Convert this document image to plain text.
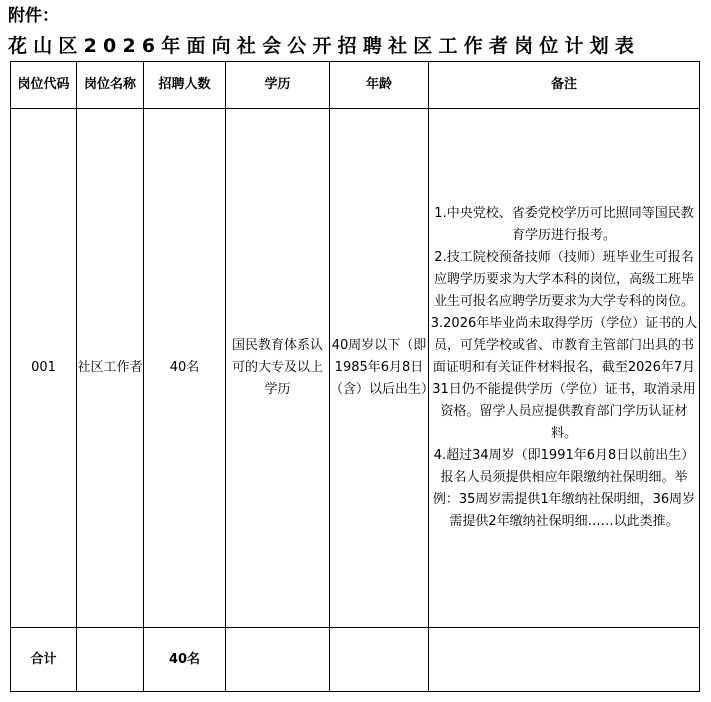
附件：
花山区2026年面向社会公开招聘社区工作者岗位计划表
岗位代码	岗位名称	招聘人数	学历	年龄	备注
001	社区工作者	40名	国民教育体系认可的大专及以上学历	40周岁以下（即1985年6月8日（含）以后出生）	1.中央党校、省委党校学历可比照同等国民教育学历进行报考。

2.技工院校预备技师（技师）班毕业生可报名应聘学历要求为大学本科的岗位，高级工班毕业生可报名应聘学历要求为大学专科的岗位。

3.2026年毕业尚未取得学历（学位）证书的人员，可凭学校或省、市教育主管部门出具的书面证明和有关证件材料报名，截至2026年7月31日仍不能提供学历（学位）证书，取消录用资格。留学人员应提供教育部门学历认证材料。

4.超过34周岁（即1991年6月8日以前出生）报名人员须提供相应年限缴纳社保明细。举例：35周岁需提供1年缴纳社保明细，36周岁需提供2年缴纳社保明细……以此类推。

合计		40名			
